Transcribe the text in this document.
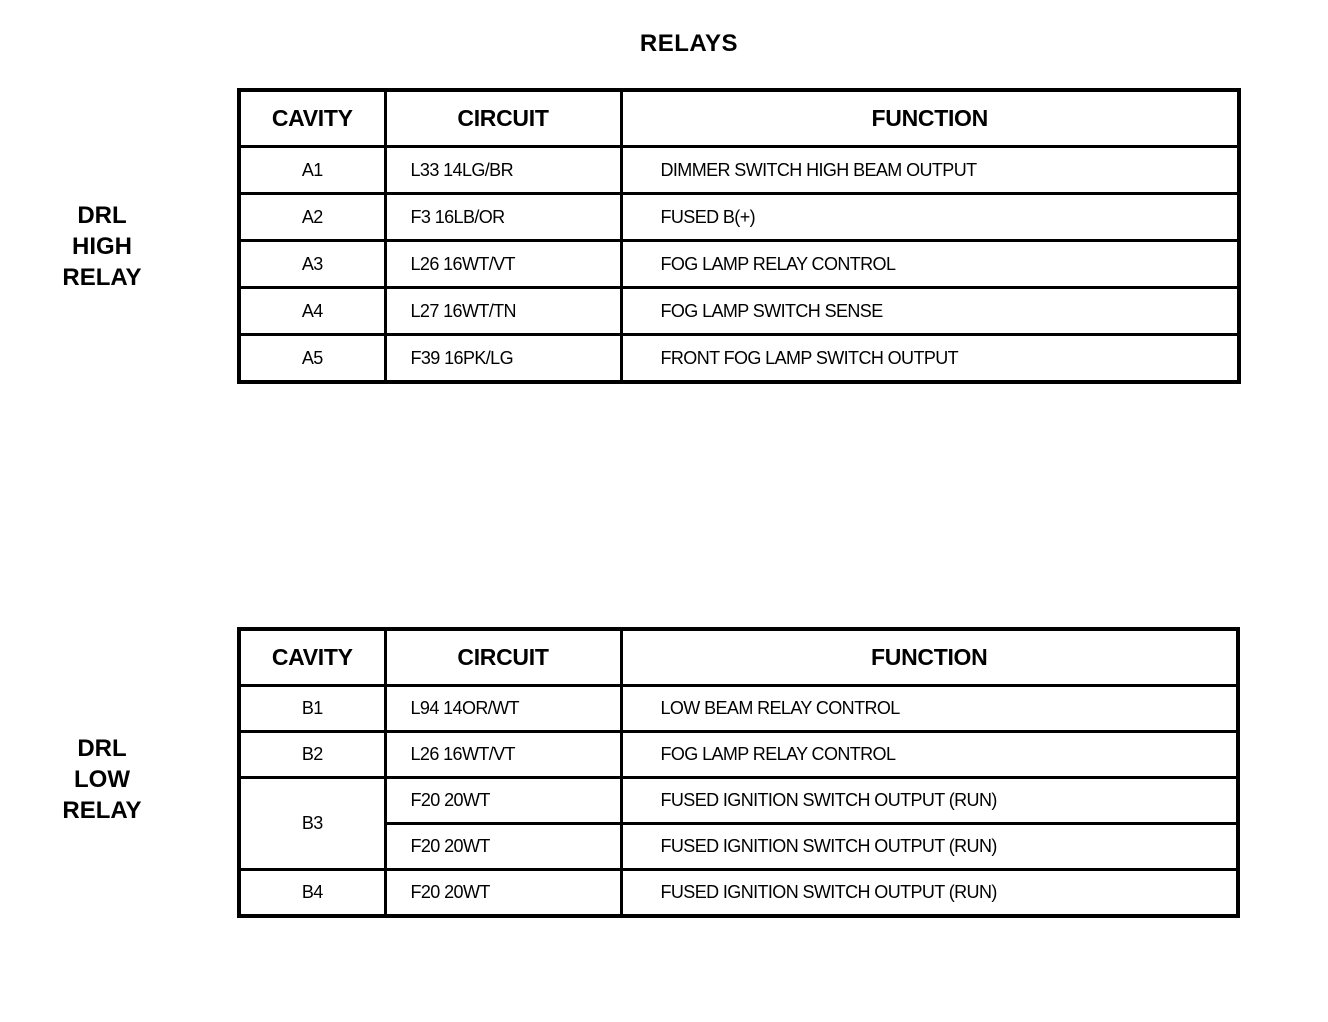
RELAYS
DRL
HIGH
RELAY
CAVITY	CIRCUIT	FUNCTION
A1	L33 14LG/BR	DIMMER SWITCH HIGH BEAM OUTPUT
A2	F3 16LB/OR	FUSED B(+)
A3	L26 16WT/VT	FOG LAMP RELAY CONTROL
A4	L27 16WT/TN	FOG LAMP SWITCH SENSE
A5	F39 16PK/LG	FRONT FOG LAMP SWITCH OUTPUT
DRL
LOW
RELAY
CAVITY	CIRCUIT	FUNCTION
B1	L94 14OR/WT	LOW BEAM RELAY CONTROL
B2	L26 16WT/VT	FOG LAMP RELAY CONTROL
B3	F20 20WT	FUSED IGNITION SWITCH OUTPUT (RUN)
	F20 20WT	FUSED IGNITION SWITCH OUTPUT (RUN)
B4	F20 20WT	FUSED IGNITION SWITCH OUTPUT (RUN)
